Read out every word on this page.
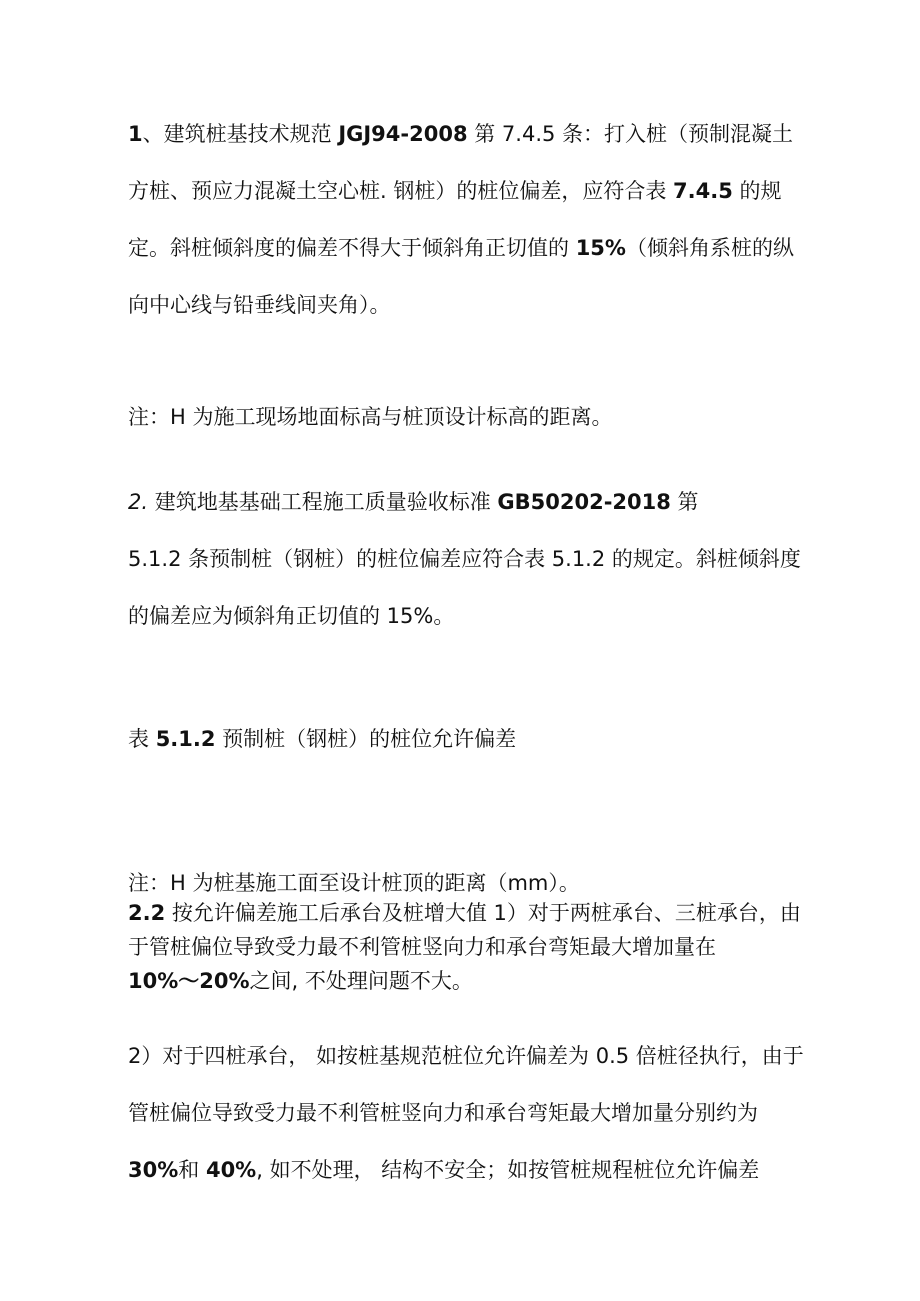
1、建筑桩基技术规范 JGJ94-2008 第 7.4.5 条：打入桩（预制混凝土方桩、预应力混凝土空心桩. 钢桩）的桩位偏差，应符合表 7.4.5 的规定。斜桩倾斜度的偏差不得大于倾斜角正切值的 15%（倾斜角系桩的纵向中心线与铅垂线间夹角）。

注：H 为施工现场地面标高与桩顶设计标高的距离。

2. 建筑地基基础工程施工质量验收标准 GB50202-2018 第
5.1.2 条预制桩（钢桩）的桩位偏差应符合表 5.1.2 的规定。斜桩倾斜度的偏差应为倾斜角正切值的 15%。

表 5.1.2 预制桩（钢桩）的桩位允许偏差

注：H 为桩基施工面至设计桩顶的距离（mm）。

2.2 按允许偏差施工后承台及桩增大值 1）对于两桩承台、三桩承台，由于管桩偏位导致受力最不利管桩竖向力和承台弯矩最大增加量在
10%～20%之间, 不处理问题不大。

2）对于四桩承台， 如按桩基规范桩位允许偏差为 0.5 倍桩径执行，由于管桩偏位导致受力最不利管桩竖向力和承台弯矩最大增加量分别约为 30%和 40%, 如不处理， 结构不安全；如按管桩规程桩位允许偏差
